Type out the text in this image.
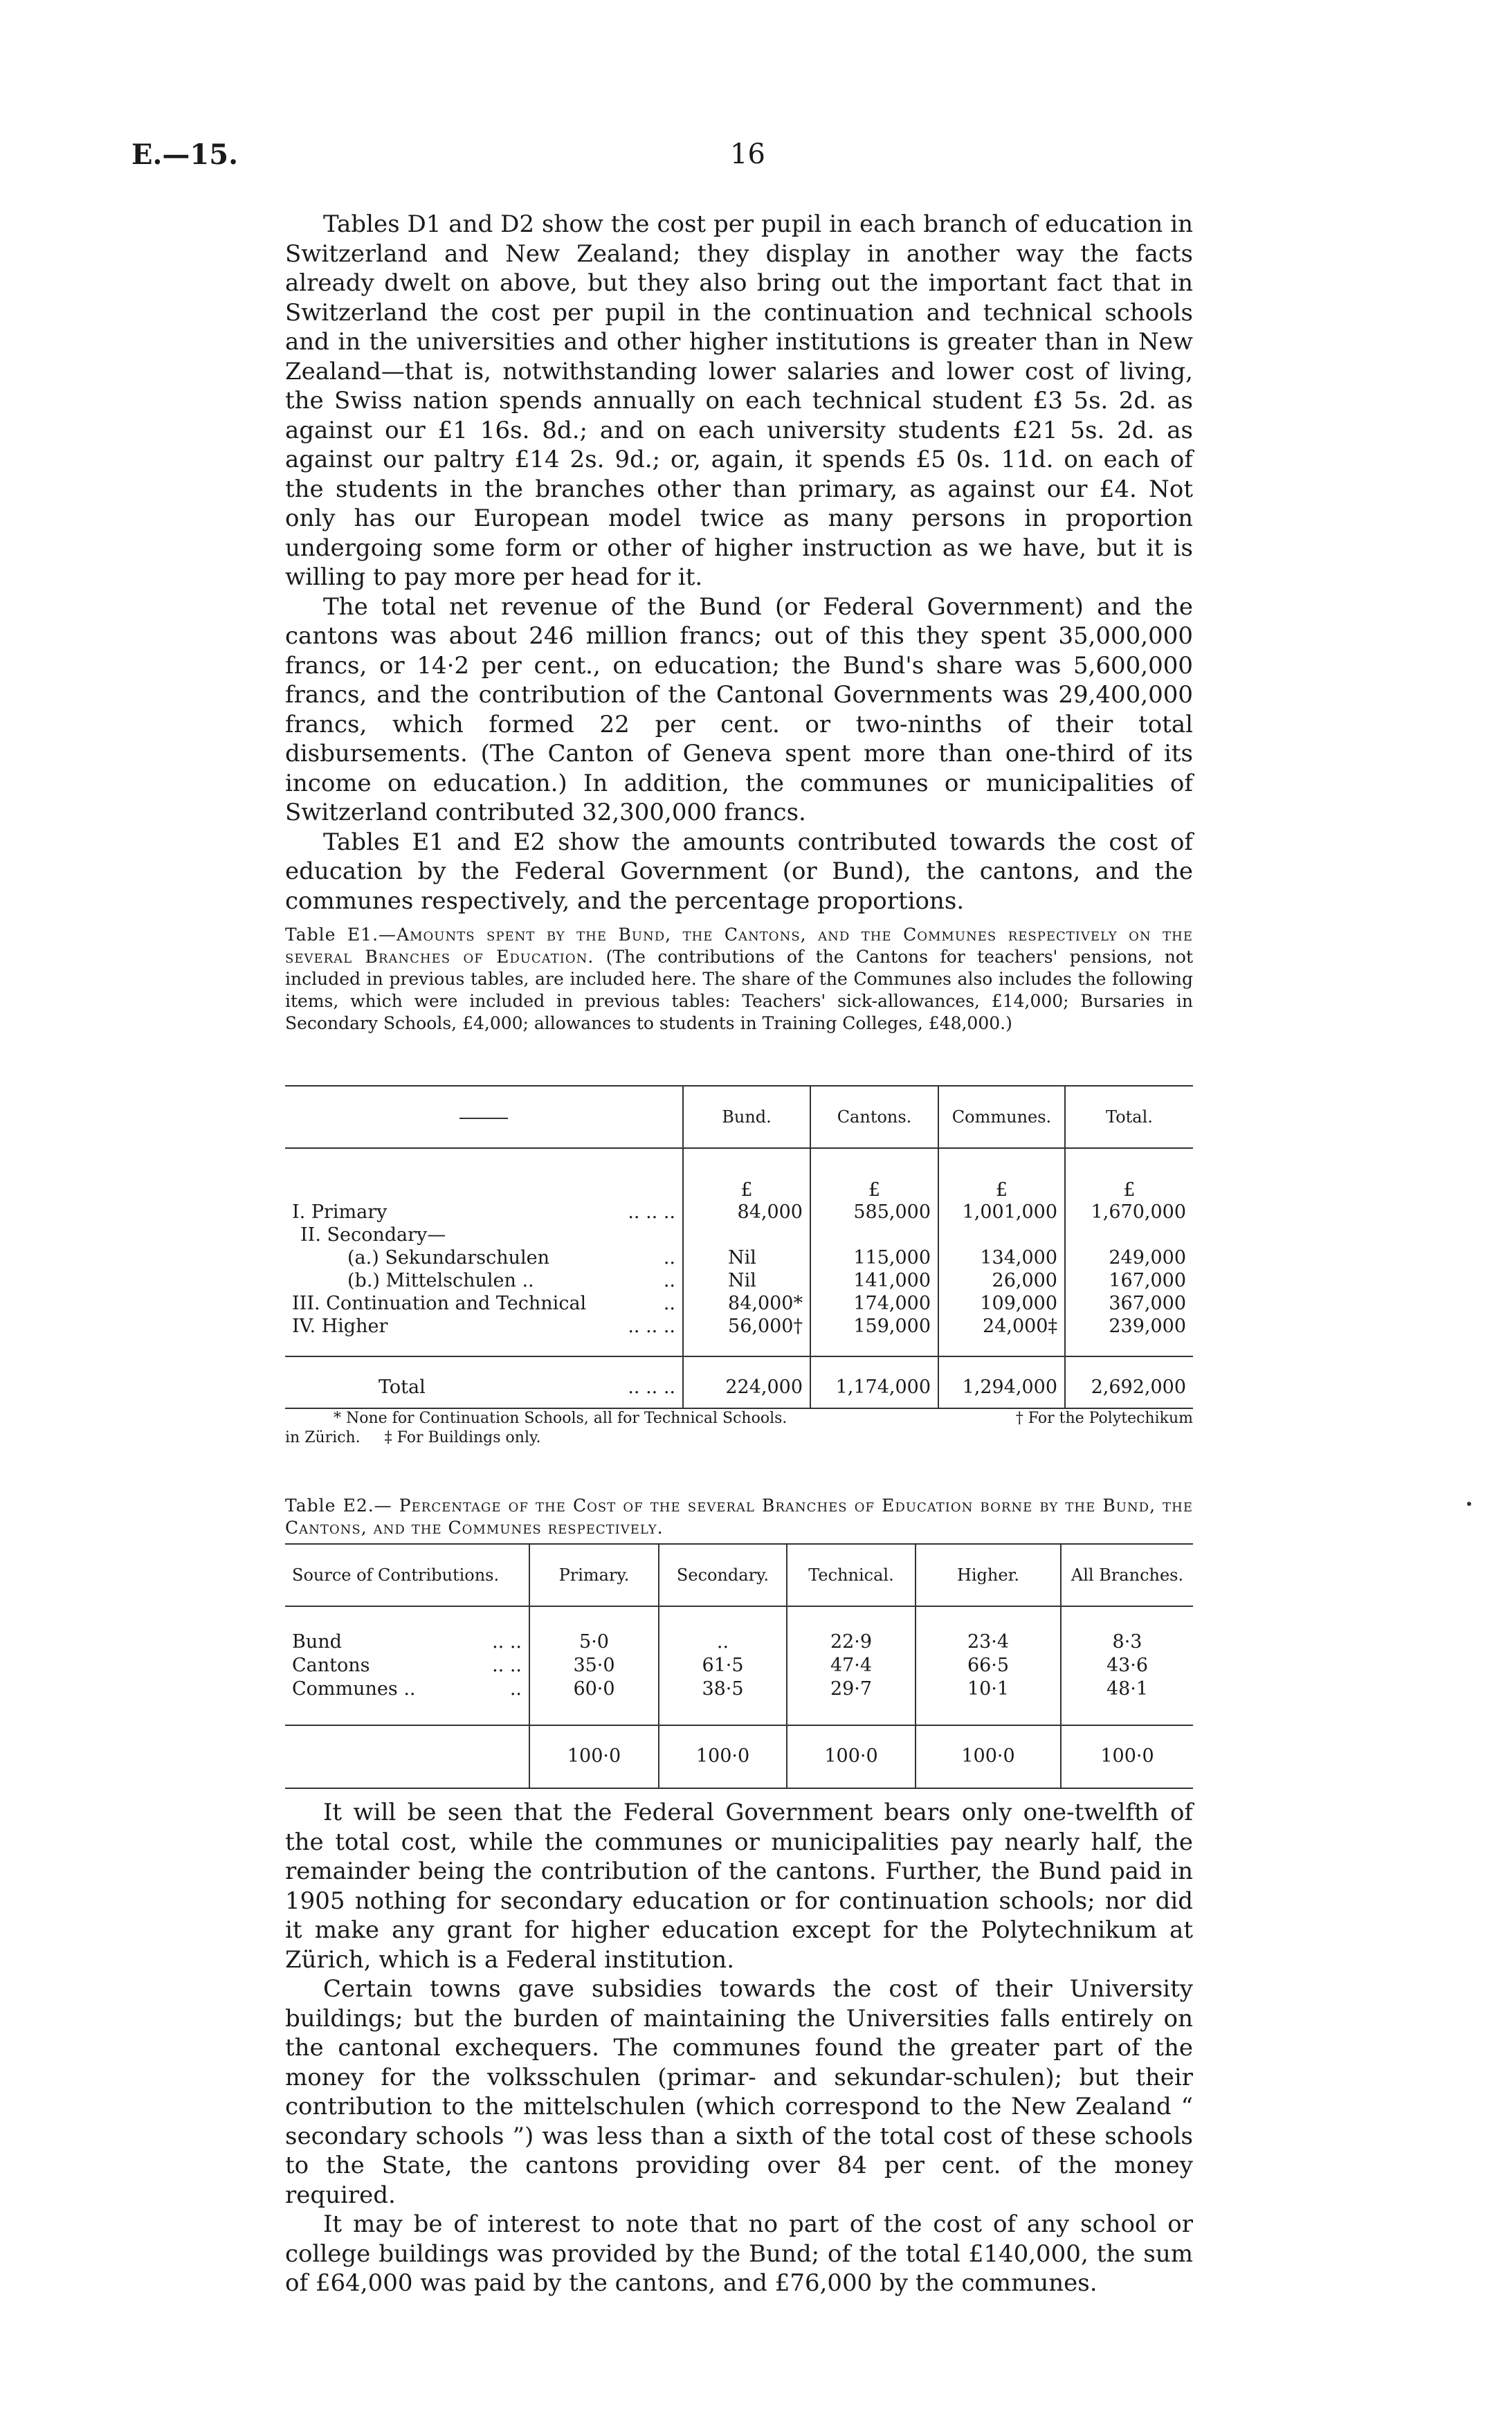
E.—15.	16

Tables D1 and D2 show the cost per pupil in each branch of education in Switzerland and New Zealand; they display in another way the facts already dwelt on above, but they also bring out the important fact that in Switzerland the cost per pupil in the continuation and technical schools and in the universities and other higher institutions is greater than in New Zealand—that is, notwithstanding lower salaries and lower cost of living, the Swiss nation spends annually on each technical student £3 5s. 2d. as against our £1 16s. 8d.; and on each university students £21 5s. 2d. as against our paltry £14 2s. 9d.; or, again, it spends £5 0s. 11d. on each of the students in the branches other than primary, as against our £4. Not only has our European model twice as many persons in proportion undergoing some form or other of higher instruction as we have, but it is willing to pay more per head for it.

The total net revenue of the Bund (or Federal Government) and the cantons was about 246 million francs; out of this they spent 35,000,000 francs, or 14·2 per cent., on education; the Bund's share was 5,600,000 francs, and the contribution of the Cantonal Governments was 29,400,000 francs, which formed 22 per cent. or two-ninths of their total disbursements. (The Canton of Geneva spent more than one-third of its income on education.) In addition, the communes or municipalities of Switzerland contributed 32,300,000 francs.

Tables E1 and E2 show the amounts contributed towards the cost of education by the Federal Government (or Bund), the cantons, and the communes respectively, and the percentage proportions.

Table E1.—Amounts spent by the Bund, the Cantons, and the Communes respectively on the several Branches of Education. (The contributions of the Cantons for teachers' pensions, not included in previous tables, are included here. The share of the Communes also includes the following items, which were included in previous tables: Teachers' sick-allowances, £14,000; Bursaries in Secondary Schools, £4,000; allowances to students in Training Colleges, £48,000.)
	Bund.	Cantons.	Communes.	Total.
	£	£	£	£
I. Primary .. .. ..	84,000	585,000	1,001,000	1,670,000
II. Secondary—				
(a.) Sekundarschulen ..	Nil	115,000	134,000	249,000
(b.) Mittelschulen .. ..	Nil	141,000	26,000	167,000
III. Continuation and Technical ..	84,000*	174,000	109,000	367,000
IV. Higher .. .. ..	56,000†	159,000	24,000‡	239,000
Total .. .. ..	224,000	1,174,000	1,294,000	2,692,000
* None for Continuation Schools, all for Technical Schools.	† For the Polytechikum
in Zürich.     ‡ For Buildings only.
Table E2.— Percentage of the Cost of the several Branches of Education borne by the Bund, the Cantons, and the Communes respectively.
Source of Contributions.	Primary.	Secondary.	Technical.	Higher.	All Branches.
Bund .. ..	5·0	..	22·9	23·4	8·3
Cantons .. ..	35·0	61·5	47·4	66·5	43·6
Communes .. ..	60·0	38·5	29·7	10·1	48·1
	100·0	100·0	100·0	100·0	100·0

It will be seen that the Federal Government bears only one-twelfth of the total cost, while the communes or municipalities pay nearly half, the remainder being the contribution of the cantons. Further, the Bund paid in 1905 nothing for secondary education or for continuation schools; nor did it make any grant for higher education except for the Polytechnikum at Zürich, which is a Federal institution.

Certain towns gave subsidies towards the cost of their University buildings; but the burden of maintaining the Universities falls entirely on the cantonal exchequers. The communes found the greater part of the money for the volksschulen (primar- and sekundar-schulen); but their contribution to the mittelschulen (which correspond to the New Zealand “ secondary schools ”) was less than a sixth of the total cost of these schools to the State, the cantons providing over 84 per cent. of the money required.

It may be of interest to note that no part of the cost of any school or college buildings was provided by the Bund; of the total £140,000, the sum of £64,000 was paid by the cantons, and £76,000 by the communes.
